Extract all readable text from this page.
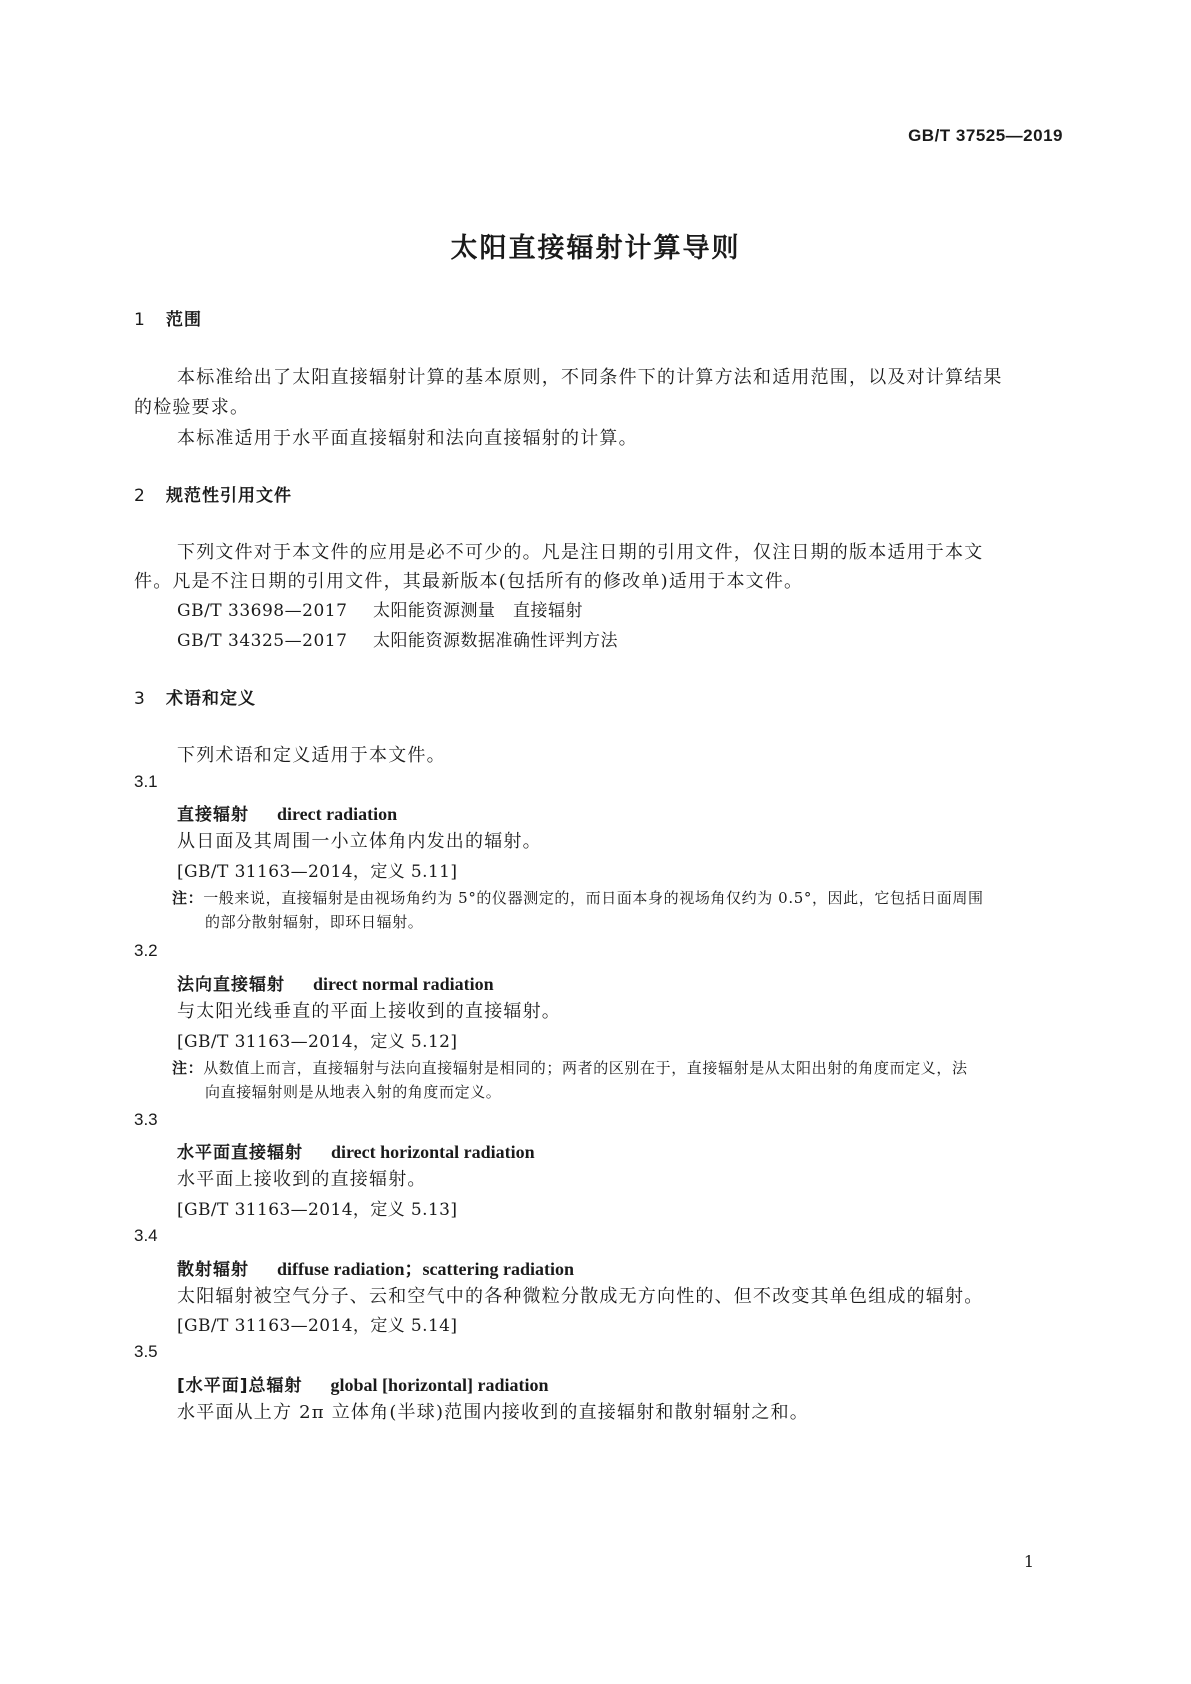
GB/T 37525—2019
太阳直接辐射计算导则
1 范围
本标准给出了太阳直接辐射计算的基本原则，不同条件下的计算方法和适用范围，以及对计算结果
的检验要求。
本标准适用于水平面直接辐射和法向直接辐射的计算。
2 规范性引用文件
下列文件对于本文件的应用是必不可少的。凡是注日期的引用文件，仅注日期的版本适用于本文
件。凡是不注日期的引用文件，其最新版本(包括所有的修改单)适用于本文件。
GB/T 33698—2017 太阳能资源测量　直接辐射
GB/T 34325—2017 太阳能资源数据准确性评判方法
3 术语和定义
下列术语和定义适用于本文件。
3.1
直接辐射 direct radiation
从日面及其周围一小立体角内发出的辐射。
[GB/T 31163—2014，定义 5.11]
注：一般来说，直接辐射是由视场角约为 5°的仪器测定的，而日面本身的视场角仅约为 0.5°，因此，它包括日面周围
的部分散射辐射，即环日辐射。
3.2
法向直接辐射 direct normal radiation
与太阳光线垂直的平面上接收到的直接辐射。
[GB/T 31163—2014，定义 5.12]
注：从数值上而言，直接辐射与法向直接辐射是相同的；两者的区别在于，直接辐射是从太阳出射的角度而定义，法
向直接辐射则是从地表入射的角度而定义。
3.3
水平面直接辐射 direct horizontal radiation
水平面上接收到的直接辐射。
[GB/T 31163—2014，定义 5.13]
3.4
散射辐射 diffuse radiation；scattering radiation
太阳辐射被空气分子、云和空气中的各种微粒分散成无方向性的、但不改变其单色组成的辐射。
[GB/T 31163—2014，定义 5.14]
3.5
[水平面]总辐射 global [horizontal] radiation
水平面从上方 2π 立体角(半球)范围内接收到的直接辐射和散射辐射之和。
1
